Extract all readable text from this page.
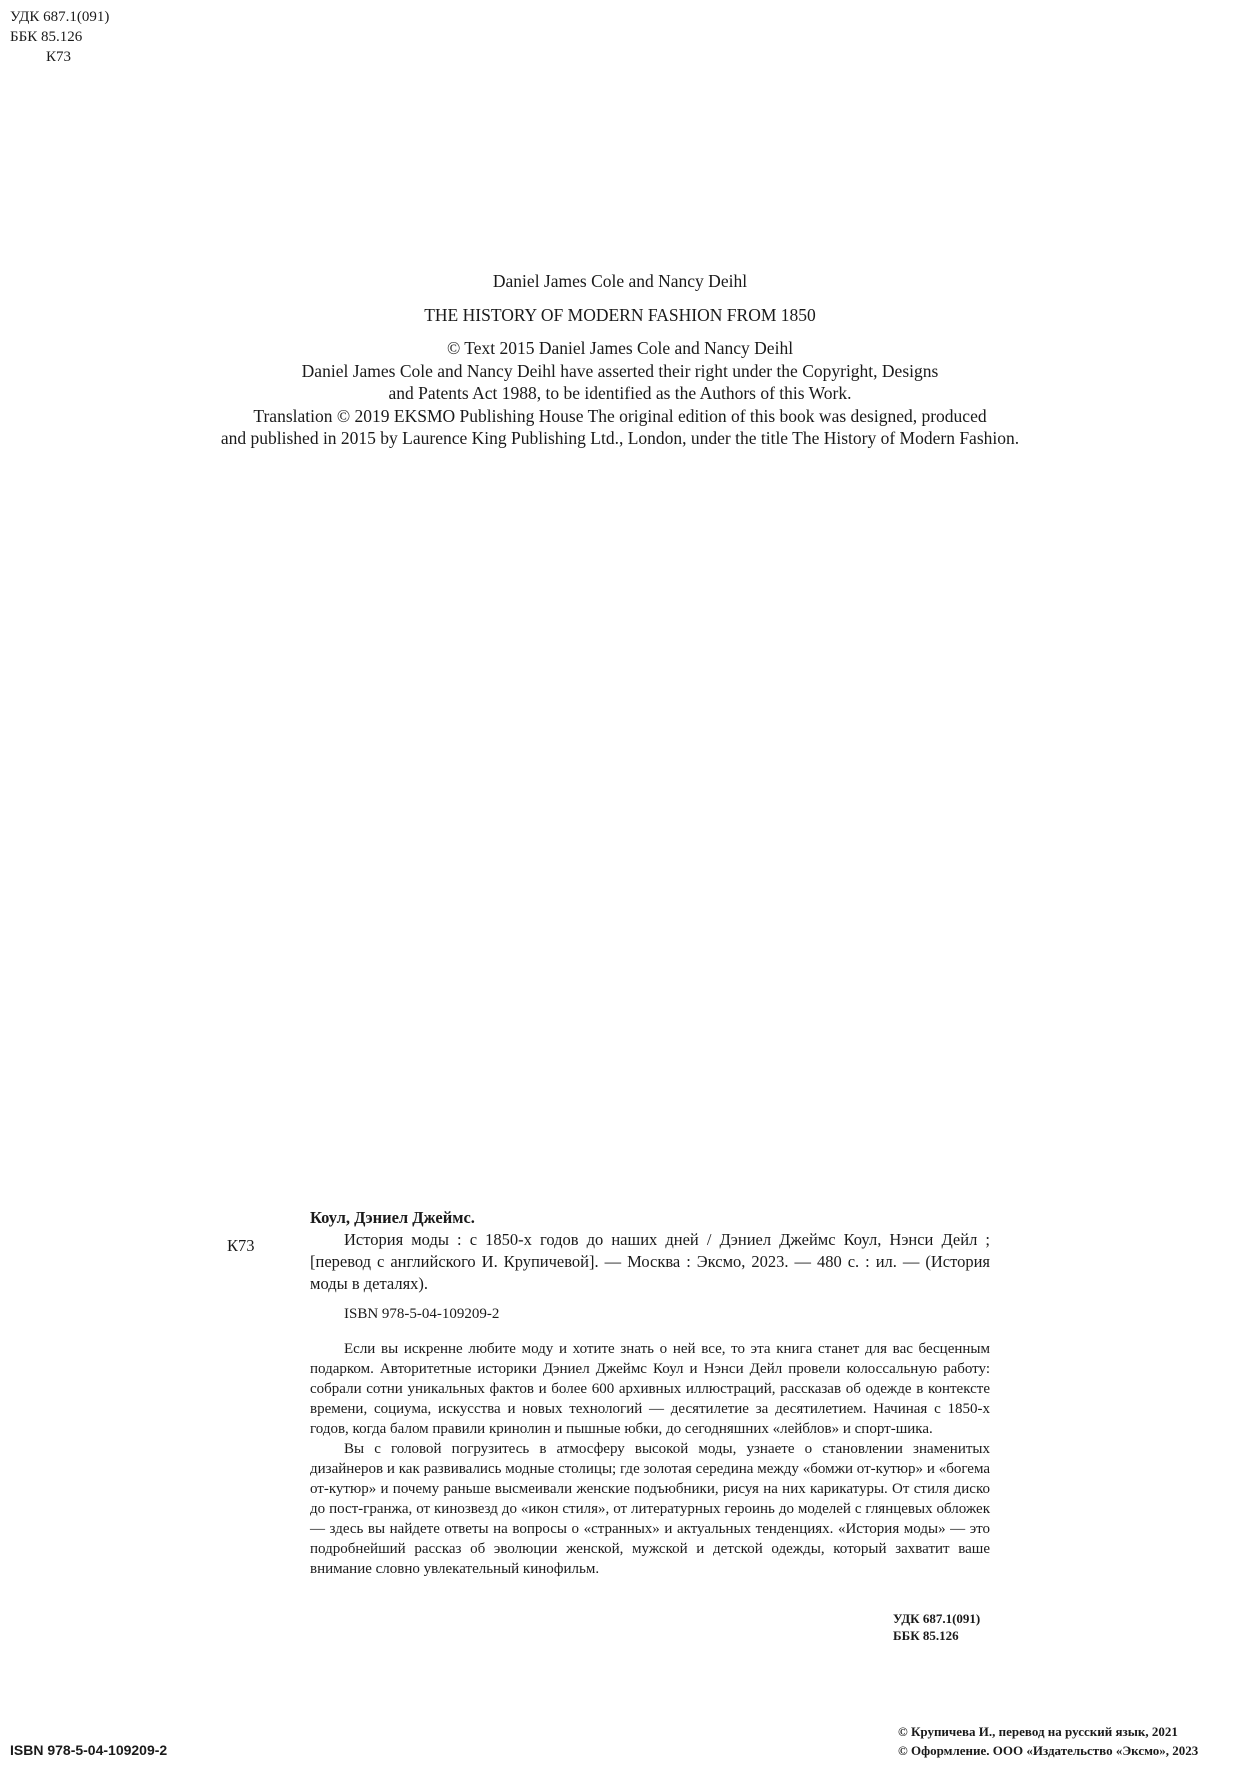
УДК 687.1(091)
ББК 85.126
К73
Daniel James Cole and Nancy Deihl
THE HISTORY OF MODERN FASHION FROM 1850
© Text 2015 Daniel James Cole and Nancy Deihl
Daniel James Cole and Nancy Deihl have asserted their right under the Copyright, Designs
and Patents Act 1988, to be identified as the Authors of this Work.
Translation © 2019 EKSMO Publishing House The original edition of this book was designed, produced
and published in 2015 by Laurence King Publishing Ltd., London, under the title The History of Modern Fashion.
К73
Коул, Дэниел Джеймс.

История моды : с 1850-х годов до наших дней / Дэниел Джеймс Коул, Нэнси Дейл ; [перевод с английского И. Крупичевой]. — Москва : Эксмо, 2023. — 480 с. : ил. — (История моды в деталях).

ISBN 978-5-04-109209-2

Если вы искренне любите моду и хотите знать о ней все, то эта книга станет для вас бесценным подарком. Авторитетные историки Дэниел Джеймс Коул и Нэнси Дейл провели колоссальную работу: собрали сотни уникальных фактов и более 600 архивных иллюстраций, рассказав об одежде в контексте времени, социума, искусства и новых технологий — десятилетие за десятилетием. Начиная с 1850-х годов, когда балом правили кринолин и пышные юбки, до сегодняшних «лейблов» и спорт-шика.

Вы с головой погрузитесь в атмосферу высокой моды, узнаете о становлении знаменитых дизайнеров и как развивались модные столицы; где золотая середина между «бомжи от-кутюр» и «богема от-кутюр» и почему раньше высмеивали женские подъюбники, рисуя на них карикатуры. От стиля диско до пост-гранжа, от кинозвезд до «икон стиля», от литературных героинь до моделей с глянцевых обложек — здесь вы найдете ответы на вопросы о «странных» и актуальных тенденциях. «История моды» — это подробнейший рассказ об эволюции женской, мужской и детской одежды, который захватит ваше внимание словно увлекательный кинофильм.

УДК 687.1(091)
ББК 85.126
ISBN 978-5-04-109209-2
© Крупичева И., перевод на русский язык, 2021
© Оформление. ООО «Издательство «Эксмо», 2023
